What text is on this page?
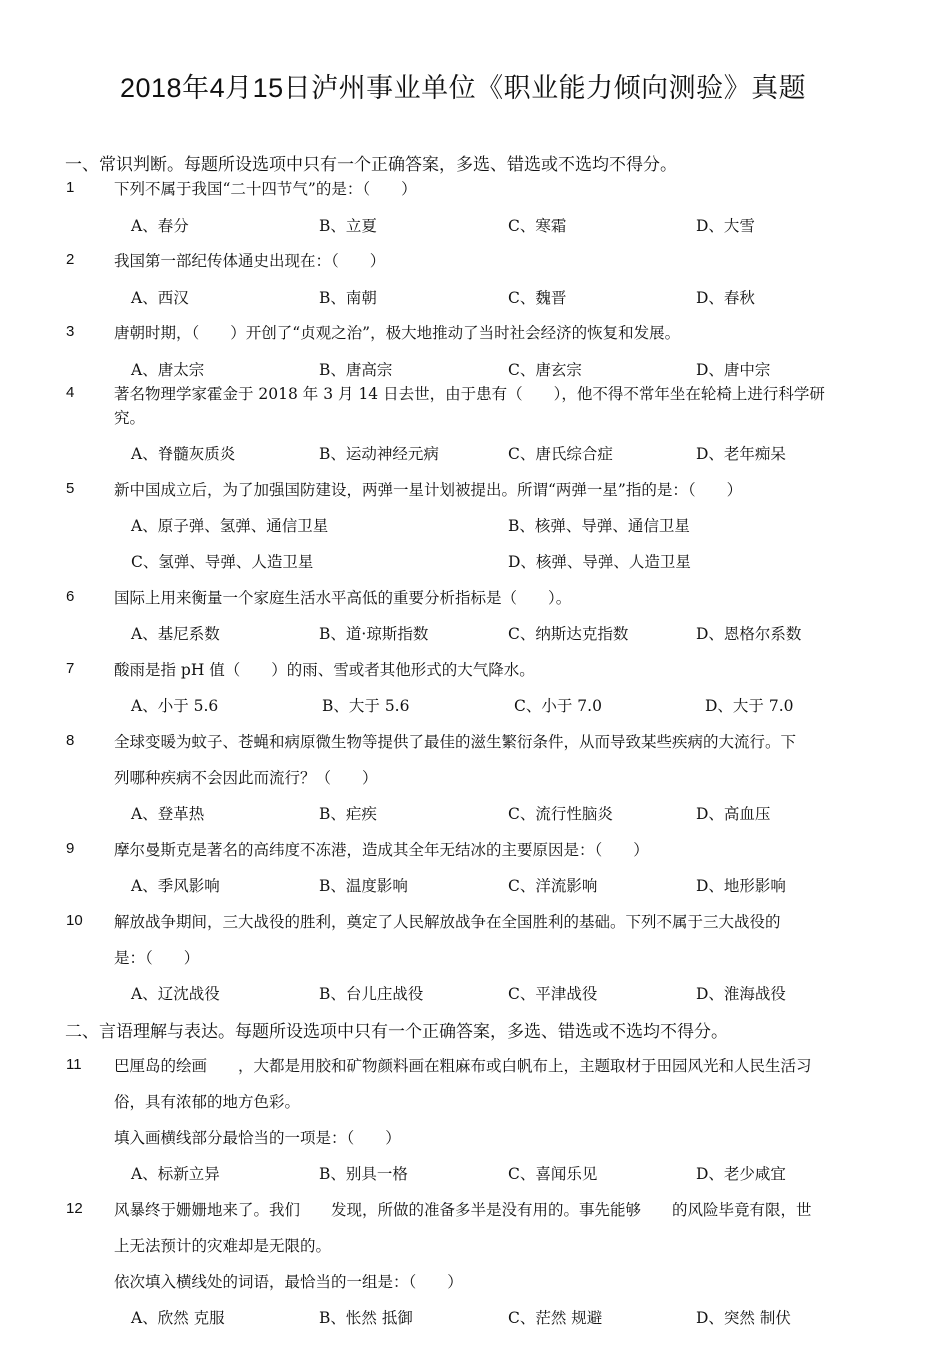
2018年4月15日泸州事业单位《职业能力倾向测验》真题
一、常识判断。每题所设选项中只有一个正确答案，多选、错选或不选均不得分。
1	下列不属于我国“二十四节气”的是：（　　）
A、春分	B、立夏	C、寒霜	D、大雪
2	我国第一部纪传体通史出现在：（　　）
A、西汉	B、南朝	C、魏晋	D、春秋
3	唐朝时期，（　　）开创了“贞观之治”，极大地推动了当时社会经济的恢复和发展。
A、唐太宗	B、唐高宗	C、唐玄宗	D、唐中宗
4	著名物理学家霍金于 2018 年 3 月 14 日去世，由于患有（　　），他不得不常年坐在轮椅上进行科学研
究。
A、脊髓灰质炎	B、运动神经元病	C、唐氏综合症	D、老年痴呆
5	新中国成立后，为了加强国防建设，两弹一星计划被提出。所谓“两弹一星”指的是：（　　）
A、原子弹、氢弹、通信卫星	B、核弹、导弹、通信卫星
C、氢弹、导弹、人造卫星	D、核弹、导弹、人造卫星
6	国际上用来衡量一个家庭生活水平高低的重要分析指标是（　　）。
A、基尼系数	B、道·琼斯指数	C、纳斯达克指数	D、恩格尔系数
7	酸雨是指 pH 值（　　）的雨、雪或者其他形式的大气降水。
A、小于 5.6	B、大于 5.6	C、小于 7.0	D、大于 7.0
8	全球变暖为蚊子、苍蝇和病原微生物等提供了最佳的滋生繁衍条件，从而导致某些疾病的大流行。下
列哪种疾病不会因此而流行？（　　）
A、登革热	B、疟疾	C、流行性脑炎	D、高血压
9	摩尔曼斯克是著名的高纬度不冻港，造成其全年无结冰的主要原因是：（　　）
A、季风影响	B、温度影响	C、洋流影响	D、地形影响
10 解放战争期间，三大战役的胜利，奠定了人民解放战争在全国胜利的基础。下列不属于三大战役的
是：（　　）
A、辽沈战役	B、台儿庄战役	C、平津战役	D、淮海战役
二、言语理解与表达。每题所设选项中只有一个正确答案，多选、错选或不选均不得分。
11 巴厘岛的绘画　　，大都是用胶和矿物颜料画在粗麻布或白帆布上，主题取材于田园风光和人民生活习
俗，具有浓郁的地方色彩。
填入画横线部分最恰当的一项是：（　　）
A、标新立异	B、别具一格	C、喜闻乐见	D、老少咸宜
12 风暴终于姗姗地来了。我们　　发现，所做的准备多半是没有用的。事先能够　　的风险毕竟有限，世
上无法预计的灾难却是无限的。
依次填入横线处的词语，最恰当的一组是：（　　）
A、欣然 克服	B、怅然 抵御	C、茫然 规避	D、突然 制伏
